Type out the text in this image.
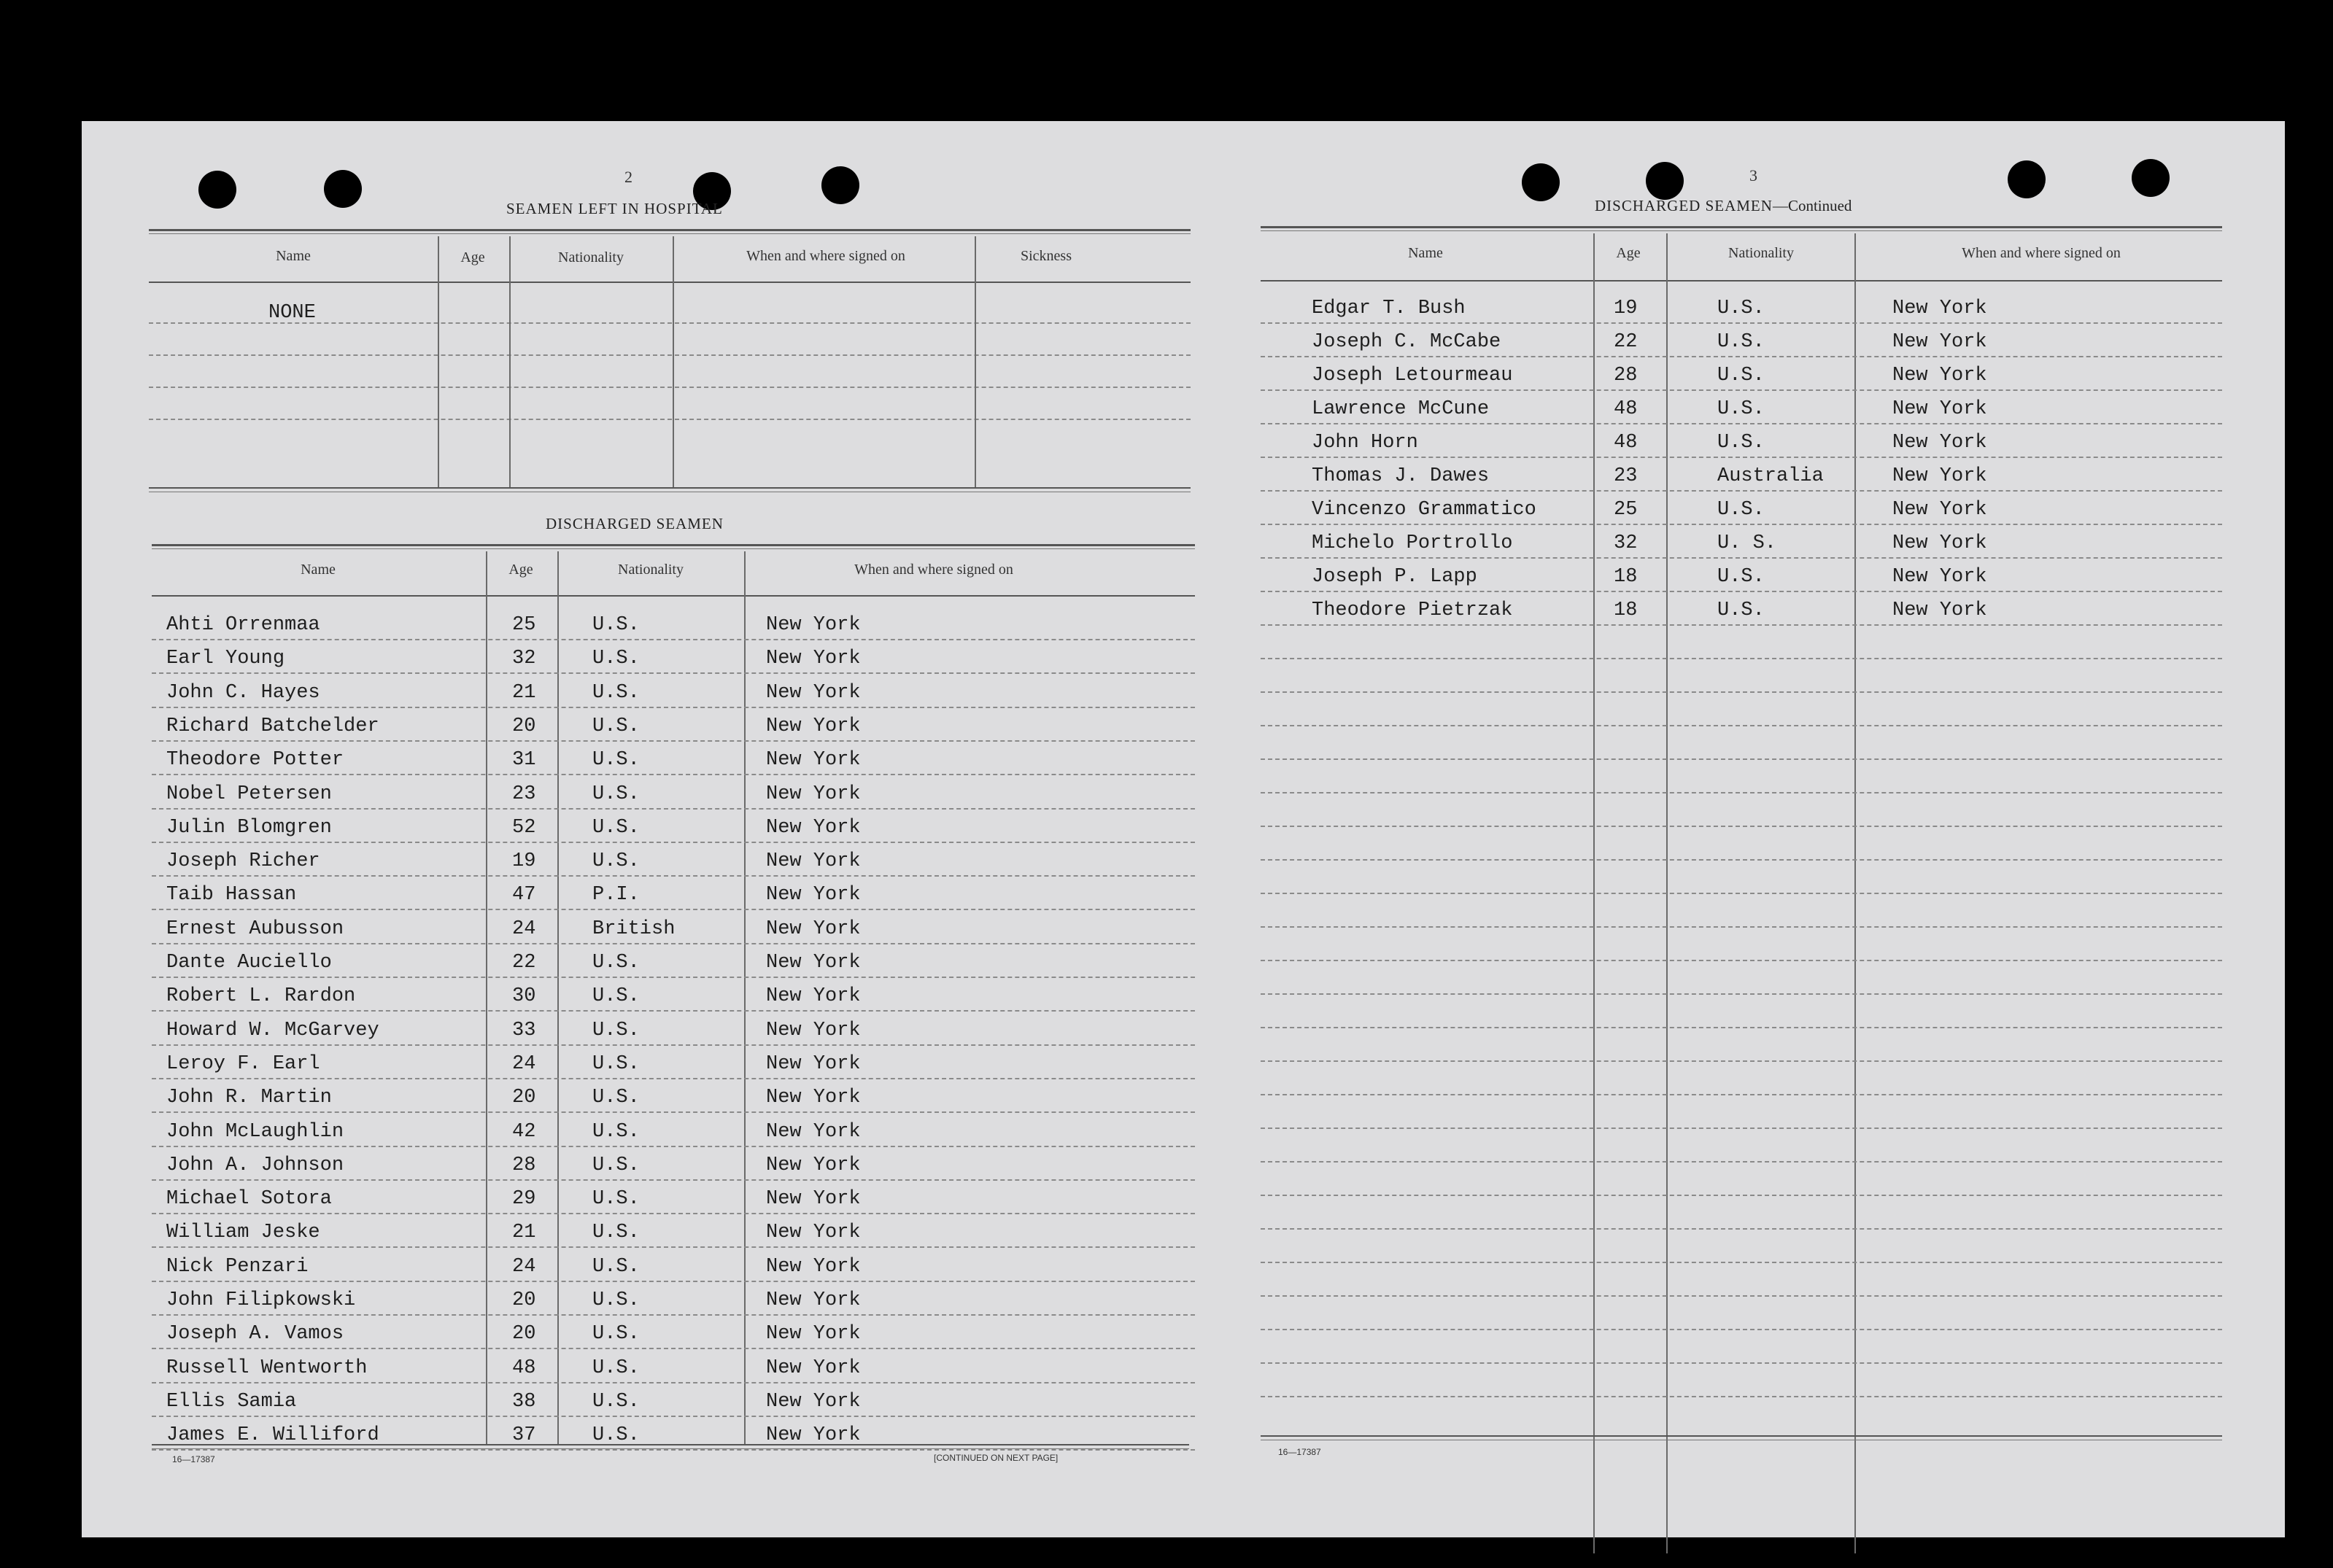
2
SEAMEN LEFT IN HOSPITAL
Name	Age	Nationality	When and where signed on	Sickness
NONE
DISCHARGED SEAMEN
Name	Age	Nationality	When and where signed on
Ahti Orrenmaa	25	U.S.	New York
Earl Young	32	U.S.	New York
John C. Hayes	21	U.S.	New York
Richard Batchelder	20	U.S.	New York
Theodore Potter	31	U.S.	New York
Nobel Petersen	23	U.S.	New York
Julin Blomgren	52	U.S.	New York
Joseph Richer	19	U.S.	New York
Taib Hassan	47	P.I.	New York
Ernest Aubusson	24	British	New York
Dante Auciello	22	U.S.	New York
Robert L. Rardon	30	U.S.	New York
Howard W. McGarvey	33	U.S.	New York
Leroy F. Earl	24	U.S.	New York
John R. Martin	20	U.S.	New York
John McLaughlin	42	U.S.	New York
John A. Johnson	28	U.S.	New York
Michael Sotora	29	U.S.	New York
William Jeske	21	U.S.	New York
Nick Penzari	24	U.S.	New York
John Filipkowski	20	U.S.	New York
Joseph A. Vamos	20	U.S.	New York
Russell Wentworth	48	U.S.	New York
Ellis Samia	38	U.S.	New York
James E. Williford	37	U.S.	New York
16—17387	[CONTINUED ON NEXT PAGE]
3
DISCHARGED SEAMEN—Continued
Name	Age	Nationality	When and where signed on
Edgar T. Bush	19	U.S.	New York
Joseph C. McCabe	22	U.S.	New York
Joseph Letourmeau	28	U.S.	New York
Lawrence McCune	48	U.S.	New York
John Horn	48	U.S.	New York
Thomas J. Dawes	23	Australia	New York
Vincenzo Grammatico	25	U.S.	New York
Michelo Portrollo	32	U. S.	New York
Joseph P. Lapp	18	U.S.	New York
Theodore Pietrzak	18	U.S.	New York
16—17387
